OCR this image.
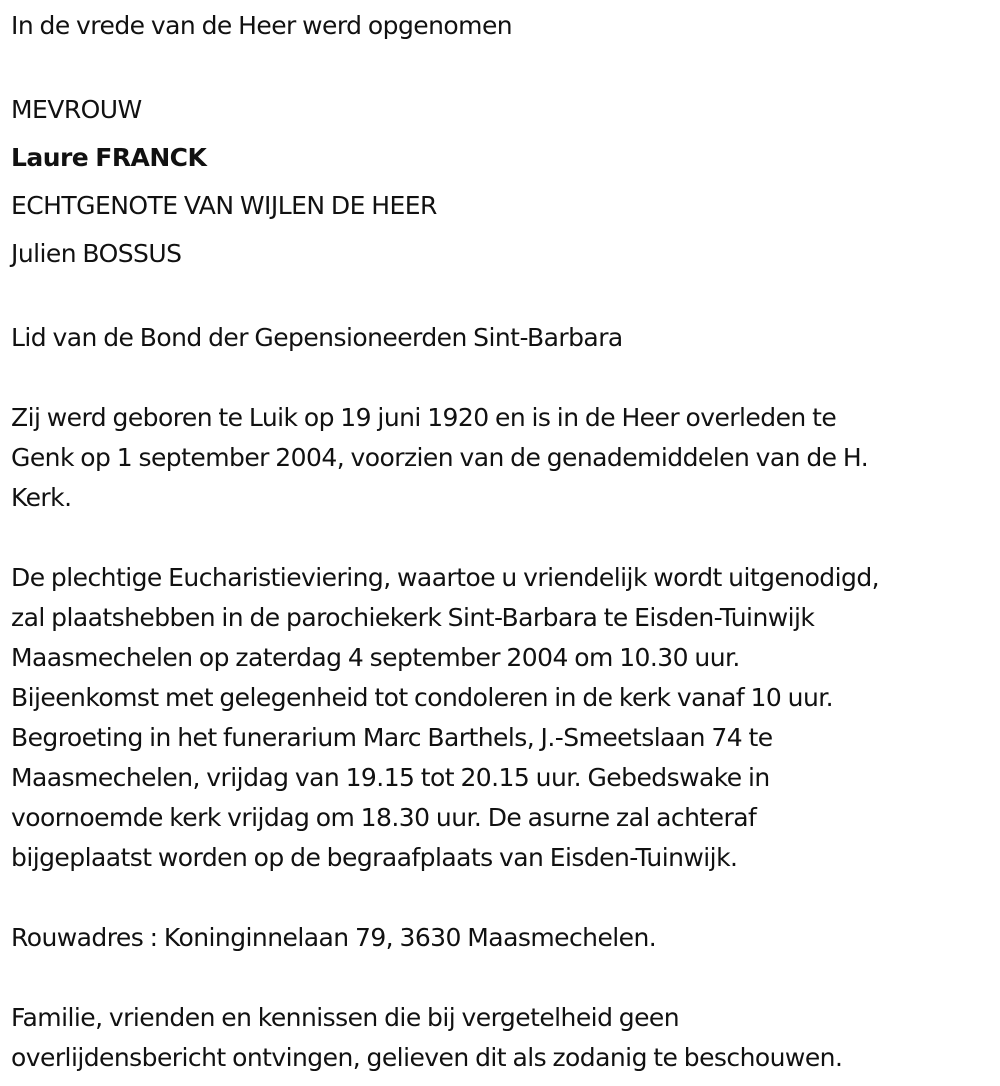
In de vrede van de Heer werd opgenomen
MEVROUW
Laure FRANCK
ECHTGENOTE VAN WIJLEN DE HEER
Julien BOSSUS
Lid van de Bond der Gepensioneerden Sint-Barbara
Zij werd geboren te Luik op 19 juni 1920 en is in de Heer overleden te
Genk op 1 september 2004, voorzien van de genademiddelen van de H.
Kerk.
De plechtige Eucharistieviering, waartoe u vriendelijk wordt uitgenodigd,
zal plaatshebben in de parochiekerk Sint-Barbara te Eisden-Tuinwijk
Maasmechelen op zaterdag 4 september 2004 om 10.30 uur.
Bijeenkomst met gelegenheid tot condoleren in de kerk vanaf 10 uur.
Begroeting in het funerarium Marc Barthels, J.-Smeetslaan 74 te
Maasmechelen, vrijdag van 19.15 tot 20.15 uur. Gebedswake in
voornoemde kerk vrijdag om 18.30 uur. De asurne zal achteraf
bijgeplaatst worden op de begraafplaats van Eisden-Tuinwijk.
Rouwadres : Koninginnelaan 79, 3630 Maasmechelen.
Familie, vrienden en kennissen die bij vergetelheid geen
overlijdensbericht ontvingen, gelieven dit als zodanig te beschouwen.
